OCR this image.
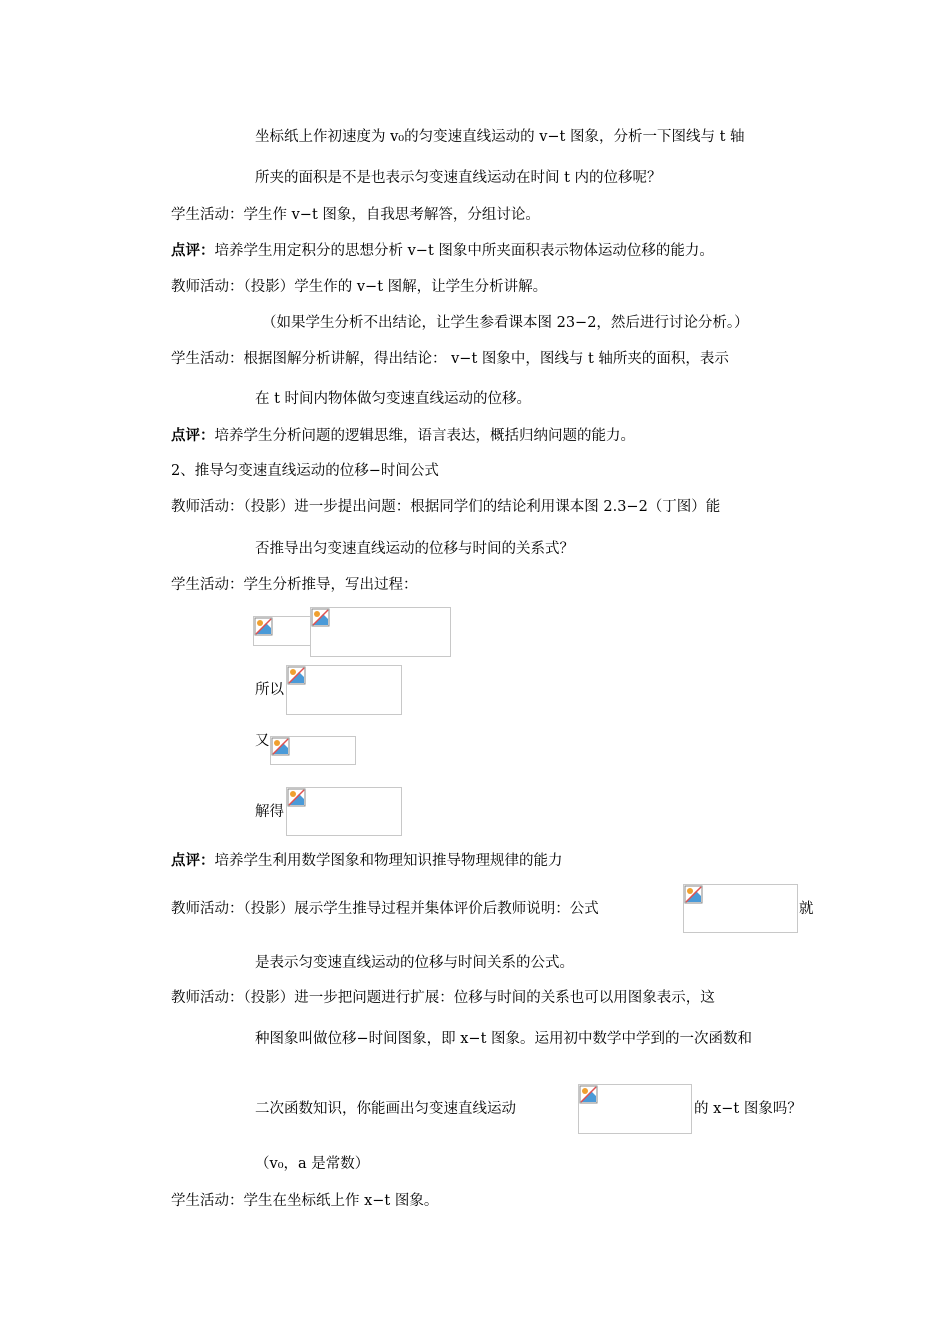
坐标纸上作初速度为 v₀的匀变速直线运动的 v−t 图象，分析一下图线与 t 轴
所夹的面积是不是也表示匀变速直线运动在时间 t 内的位移呢？
学生活动：学生作 v−t 图象，自我思考解答，分组讨论。
点评：培养学生用定积分的思想分析 v−t 图象中所夹面积表示物体运动位移的能力。
教师活动：（投影）学生作的 v−t 图解，让学生分析讲解。
（如果学生分析不出结论，让学生参看课本图 23−2，然后进行讨论分析。）
学生活动：根据图解分析讲解，得出结论： v−t 图象中，图线与 t 轴所夹的面积，表示
在 t 时间内物体做匀变速直线运动的位移。
点评：培养学生分析问题的逻辑思维，语言表达，概括归纳问题的能力。
2、推导匀变速直线运动的位移−时间公式
教师活动：（投影）进一步提出问题：根据同学们的结论利用课本图 2.3−2（丁图）能
否推导出匀变速直线运动的位移与时间的关系式？
学生活动：学生分析推导，写出过程：
所以
又
解得
点评：培养学生利用数学图象和物理知识推导物理规律的能力
教师活动：（投影）展示学生推导过程并集体评价后教师说明：公式	就
是表示匀变速直线运动的位移与时间关系的公式。
教师活动：（投影）进一步把问题进行扩展：位移与时间的关系也可以用图象表示，这
种图象叫做位移−时间图象，即 x−t 图象。运用初中数学中学到的一次函数和
二次函数知识，你能画出匀变速直线运动	的 x−t 图象吗？
（v₀，a 是常数）
学生活动：学生在坐标纸上作 x−t 图象。
